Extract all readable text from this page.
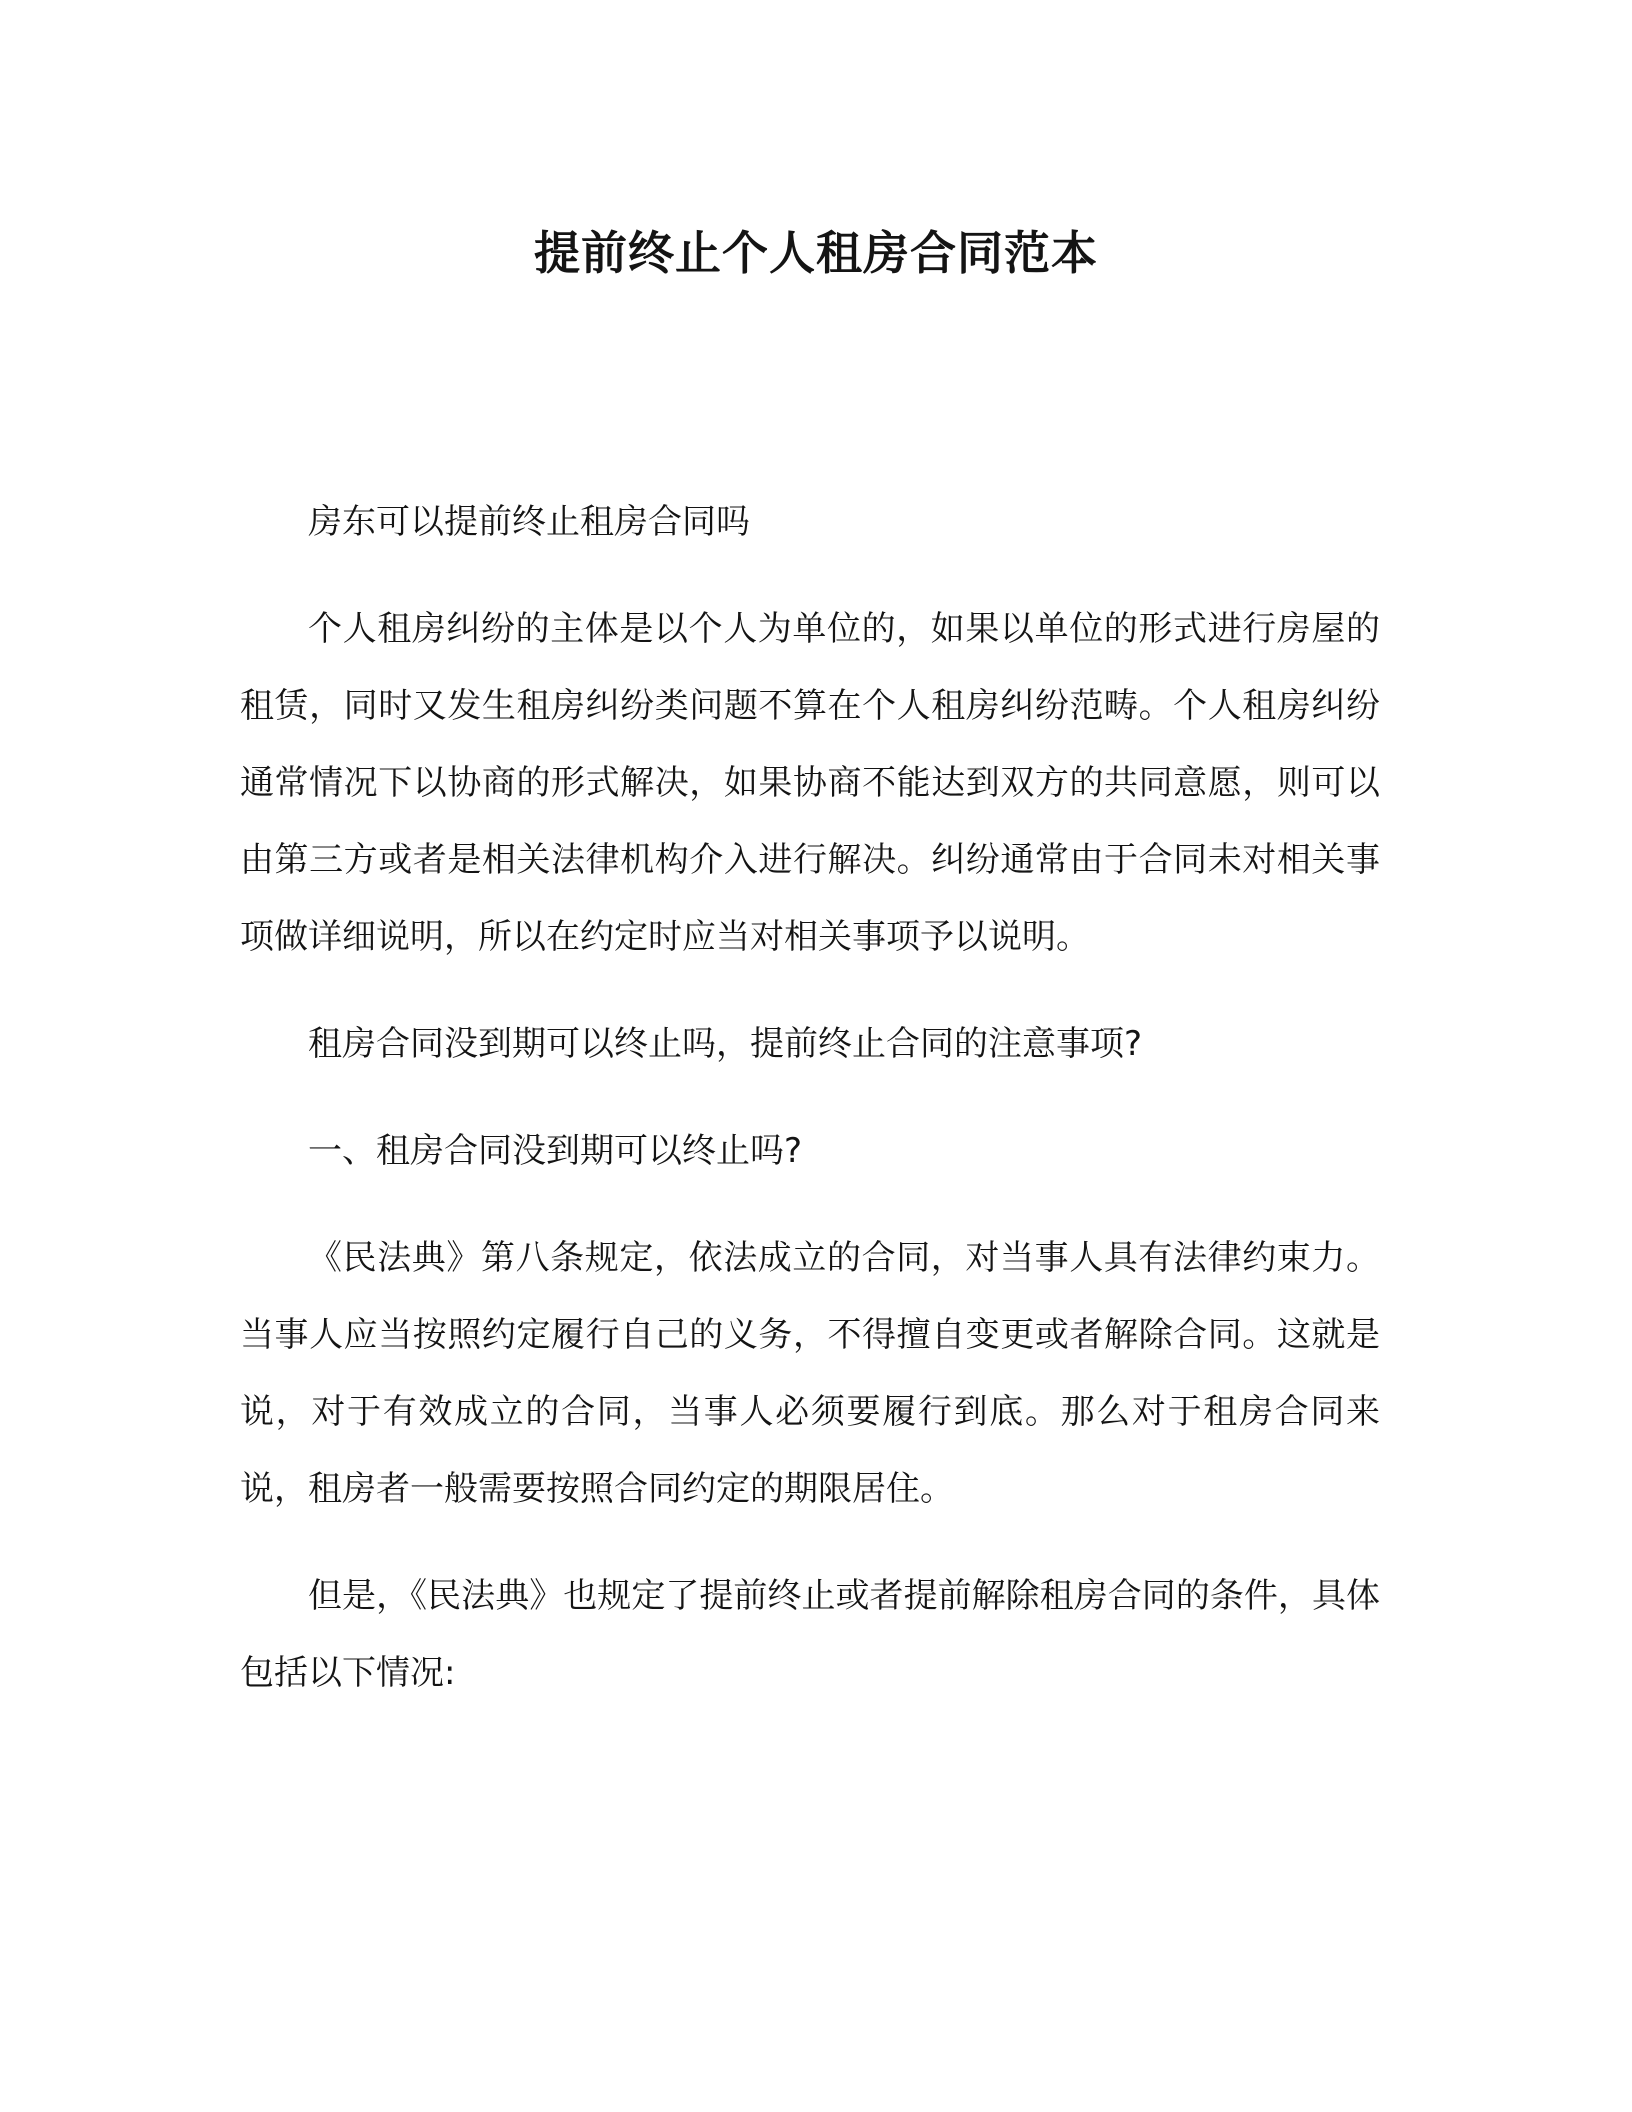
提前终止个人租房合同范本

房东可以提前终止租房合同吗

个人租房纠纷的主体是以个人为单位的，如果以单位的形式进行房屋的租赁，同时又发生租房纠纷类问题不算在个人租房纠纷范畴。个人租房纠纷通常情况下以协商的形式解决，如果协商不能达到双方的共同意愿，则可以由第三方或者是相关法律机构介入进行解决。纠纷通常由于合同未对相关事项做详细说明，所以在约定时应当对相关事项予以说明。

租房合同没到期可以终止吗，提前终止合同的注意事项?

一、租房合同没到期可以终止吗?

《民法典》第八条规定，依法成立的合同，对当事人具有法律约束力。当事人应当按照约定履行自己的义务，不得擅自变更或者解除合同。这就是说，对于有效成立的合同，当事人必须要履行到底。那么对于租房合同来说，租房者一般需要按照合同约定的期限居住。

但是，《民法典》也规定了提前终止或者提前解除租房合同的条件，具体包括以下情况:
